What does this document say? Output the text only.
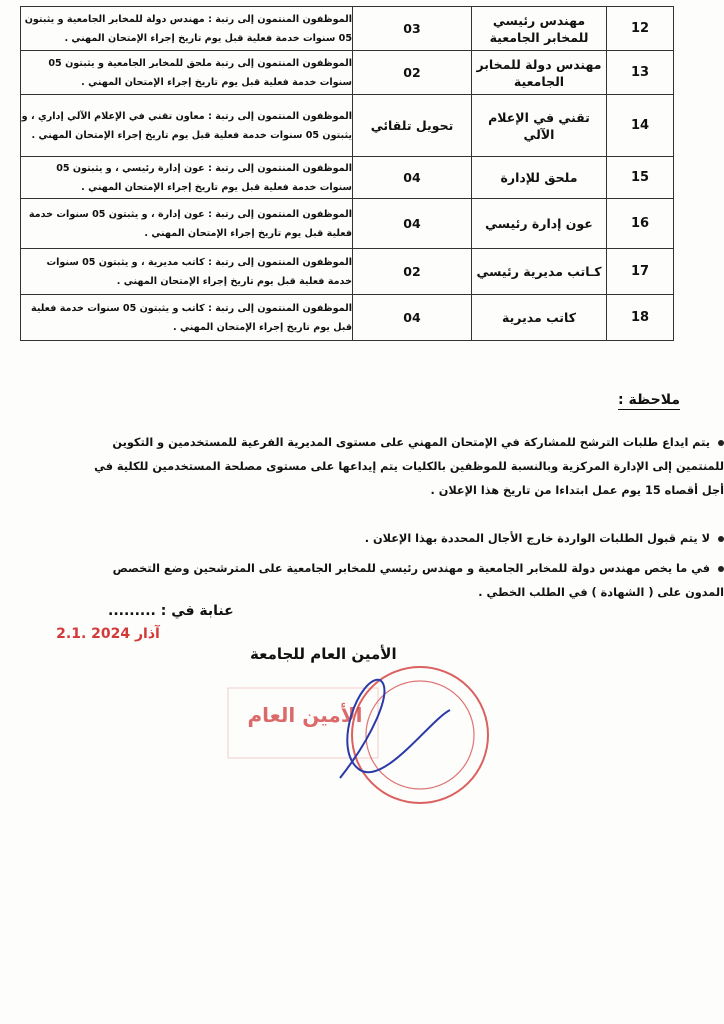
12	مهندس رئيسي للمخابر الجامعية	03	الموظفون المنتمون إلى رتبة : مهندس دولة للمخابر الجامعية و يثبتون 05 سنوات خدمة فعلية قبل يوم تاريخ إجراء الإمتحان المهني .
13	مهندس دولة للمخابر الجامعية	02	الموظفون المنتمون إلى رتبة ملحق للمخابر الجامعية و يثبتون 05 سنوات خدمة فعلية قبل يوم تاريخ إجراء الإمتحان المهني .
14	تقني في الإعلام الآلي	تحويل تلقائي	الموظفون المنتمون إلى رتبة : معاون تقني في الإعلام الآلي إداري ، و يثبتون 05 سنوات خدمة فعلية قبل يوم تاريخ إجراء الإمتحان المهني .
15	ملحق للإدارة	04	الموظفون المنتمون إلى رتبة : عون إدارة رئيسي ، و يثبتون 05 سنوات خدمة فعلية قبل يوم تاريخ إجراء الإمتحان المهني .
16	عون إدارة رئيسي	04	الموظفون المنتمون إلى رتبة : عون إدارة ، و يثبتون 05 سنوات خدمة فعلية قبل يوم تاريخ إجراء الإمتحان المهني .
17	كـاتب مديرية رئيسي	02	الموظفون المنتمون إلى رتبة : كاتب مديرية ، و يثبتون 05 سنوات خدمة فعلية قبل يوم تاريخ إجراء الإمتحان المهني .
18	كاتب مديرية	04	الموظفون المنتمون إلى رتبة : كاتب و يثبتون 05 سنوات خدمة فعلية قبل يوم تاريخ إجراء الإمتحان المهني .
ملاحظة :
يتم ايداع طلبات الترشح للمشاركة في الإمتحان المهني على مستوى المديرية الفرعية للمستخدمين و التكوين للمنتمين إلى الإدارة المركزية وبالنسبة للموظفين بالكليات يتم إيداعها على مستوى مصلحة المستخدمين للكلية في أجل أقصاه 15 يوم عمل ابتداءا من تاريخ هذا الإعلان .
لا يتم قبول الطلبات الواردة خارج الأجال المحددة بهذا الإعلان .
في ما يخص مهندس دولة للمخابر الجامعية و مهندس رئيسي للمخابر الجامعية على المترشحين وضع التخصص المدون على ( الشهادة ) في الطلب الخطي .
عنابة في : .........
2.1. آذار 2024
الأمين العام للجامعة
الأمين العام
